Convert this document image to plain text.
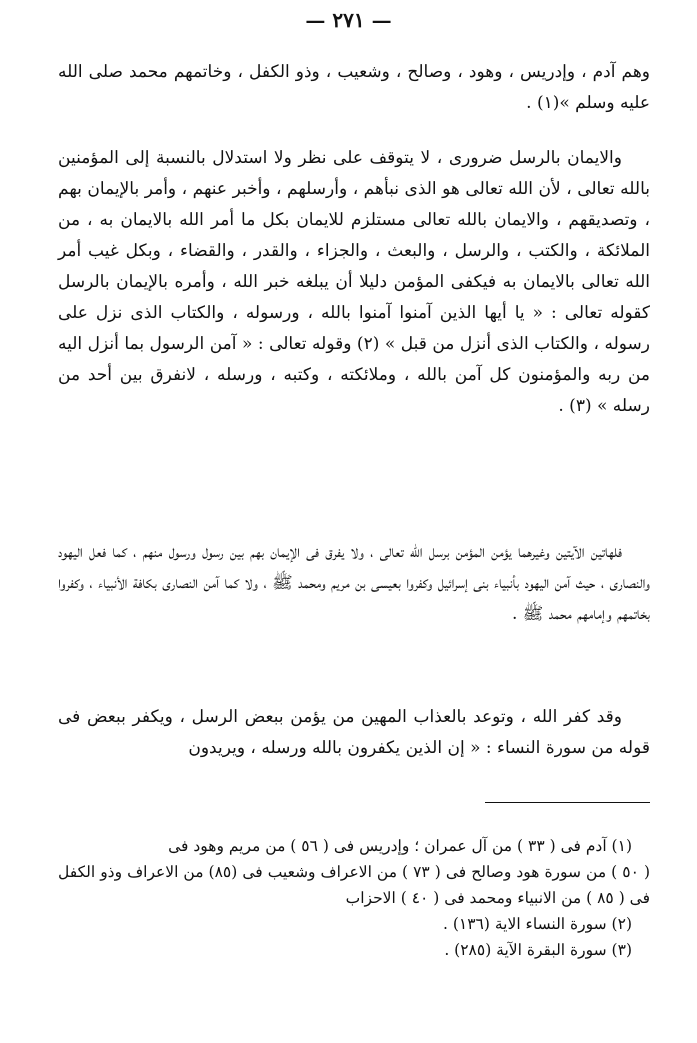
— ٢٧١ —

وهم آدم ، وإدريس ، وهود ، وصالح ، وشعيب ، وذو الكفل ، وخاتمهم محمد صلى الله عليه وسلم »(١) .

والايمان بالرسل ضرورى ، لا يتوقف على نظر ولا استدلال بالنسبة إلى المؤمنين بالله تعالى ، لأن الله تعالى هو الذى نبأهم ، وأرسلهم ، وأخبر عنهم ، وأمر بالإيمان بهم ، وتصديقهم ، والايمان بالله تعالى مستلزم للايمان بكل ما أمر الله بالايمان به ، من الملائكة ، والكتب ، والرسل ، والبعث ، والجزاء ، والقدر ، والقضاء ، وبكل غيب أمر الله تعالى بالايمان به فيكفى المؤمن دليلا أن يبلغه خبر الله ، وأمره بالإيمان بالرسل كقوله تعالى : « يا أيها الذين آمنوا آمنوا بالله ، ورسوله ، والكتاب الذى نزل على رسوله ، والكتاب الذى أنزل من قبل » (٢) وقوله تعالى : « آمن الرسول بما أنزل اليه من ربه والمؤمنون كل آمن بالله ، وملائكته ، وكتبه ، ورسله ، لانفرق بين أحد من رسله » (٣) .

فلهاتين الآيتين وغيرهما يؤمن المؤمن برسل الله تعالى ، ولا يفرق فى الإيمان بهم بين رسول ورسول منهم ، كما فعل اليهود والنصارى ، حيث آمن اليهود بأنبياء بنى إسرائيل وكفروا بعيسى بن مريم ومحمد ﷺ ، ولا كما آمن النصارى بكافة الأنبياء ، وكفروا بخاتمهم وإمامهم محمد ﷺ .

وقد كفر الله ، وتوعد بالعذاب المهين من يؤمن ببعض الرسل ، ويكفر ببعض فى قوله من سورة النساء : « إن الذين يكفرون بالله ورسله ، ويريدون

(١) آدم فى ( ٣٣ ) من آل عمران ؛ وإدريس فى ( ٥٦ ) من مريم وهود فى

( ٥٠ ) من سورة هود وصالح فى ( ٧٣ ) من الاعراف وشعيب فى (٨٥) من الاعراف وذو الكفل فى ( ٨٥ ) من الانبياء ومحمد فى ( ٤٠ ) الاحزاب

(٢) سورة النساء الاية (١٣٦) .

(٣) سورة البقرة الآية (٢٨٥) .
